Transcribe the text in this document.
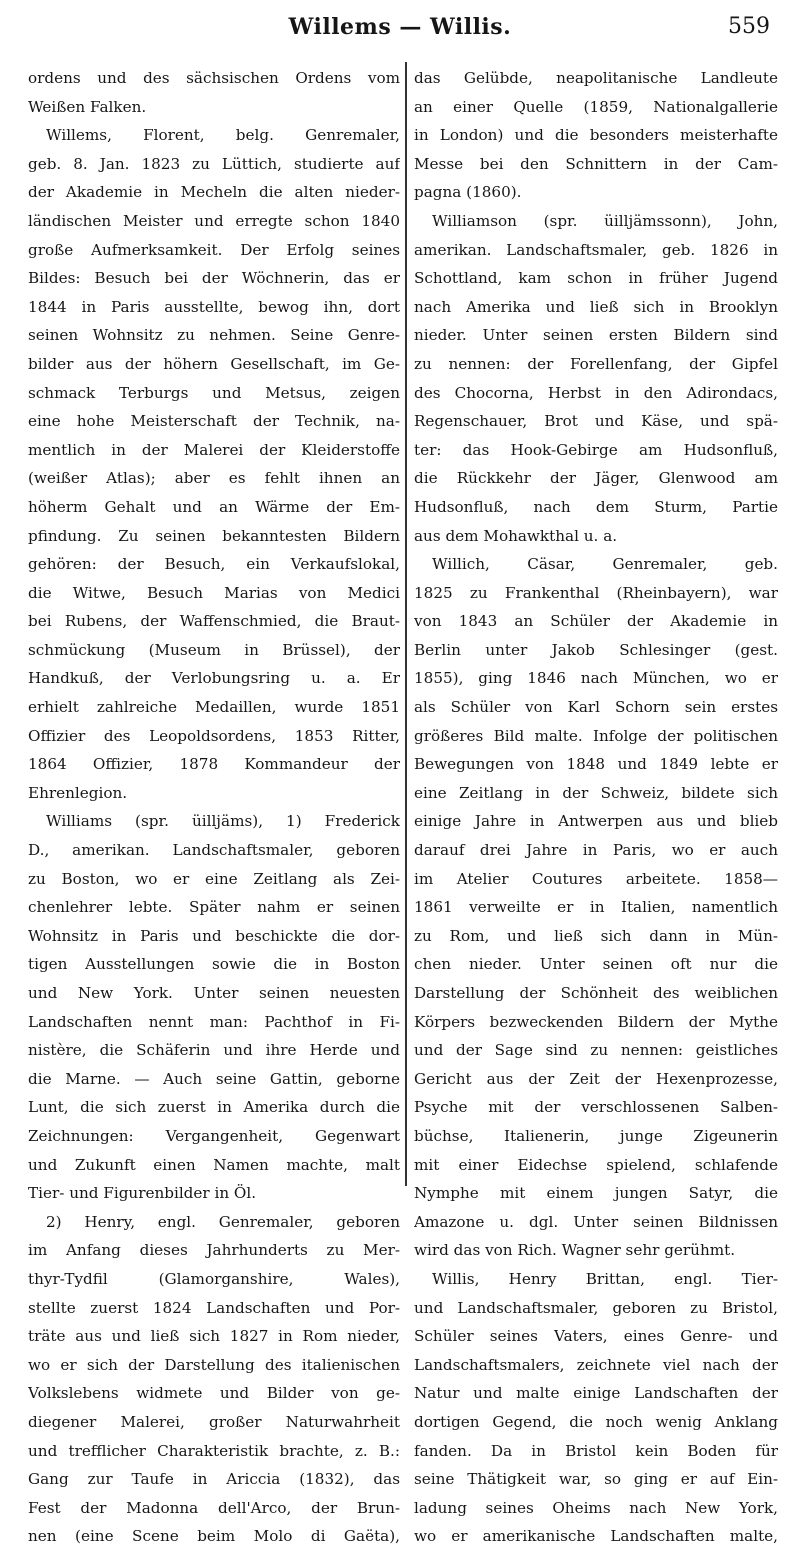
Willems — Willis.	559
ordens und des sächsischen Ordens vom
Weißen Falken.
Willems, Florent, belg. Genremaler,
geb. 8. Jan. 1823 zu Lüttich, studierte auf
der Akademie in Mecheln die alten nieder-
ländischen Meister und erregte schon 1840
große Aufmerksamkeit. Der Erfolg seines
Bildes: Besuch bei der Wöchnerin, das er
1844 in Paris ausstellte, bewog ihn, dort
seinen Wohnsitz zu nehmen. Seine Genre-
bilder aus der höhern Gesellschaft, im Ge-
schmack Terburgs und Metsus, zeigen
eine hohe Meisterschaft der Technik, na-
mentlich in der Malerei der Kleiderstoffe
(weißer Atlas); aber es fehlt ihnen an
höherm Gehalt und an Wärme der Em-
pfindung. Zu seinen bekanntesten Bildern
gehören: der Besuch, ein Verkaufslokal,
die Witwe, Besuch Marias von Medici
bei Rubens, der Waffenschmied, die Braut-
schmückung (Museum in Brüssel), der
Handkuß, der Verlobungsring u. a. Er
erhielt zahlreiche Medaillen, wurde 1851
Offizier des Leopoldsordens, 1853 Ritter,
1864 Offizier, 1878 Kommandeur der
Ehrenlegion.
Williams (spr. üilljäms), 1) Frederick
D., amerikan. Landschaftsmaler, geboren
zu Boston, wo er eine Zeitlang als Zei-
chenlehrer lebte. Später nahm er seinen
Wohnsitz in Paris und beschickte die dor-
tigen Ausstellungen sowie die in Boston
und New York. Unter seinen neuesten
Landschaften nennt man: Pachthof in Fi-
nistère, die Schäferin und ihre Herde und
die Marne. — Auch seine Gattin, geborne
Lunt, die sich zuerst in Amerika durch die
Zeichnungen: Vergangenheit, Gegenwart
und Zukunft einen Namen machte, malt
Tier- und Figurenbilder in Öl.
2) Henry, engl. Genremaler, geboren
im Anfang dieses Jahrhunderts zu Mer-
thyr-Tydfil (Glamorganshire, Wales),
stellte zuerst 1824 Landschaften und Por-
träte aus und ließ sich 1827 in Rom nieder,
wo er sich der Darstellung des italienischen
Volkslebens widmete und Bilder von ge-
diegener Malerei, großer Naturwahrheit
und trefflicher Charakteristik brachte, z. B.:
Gang zur Taufe in Ariccia (1832), das
Fest der Madonna dell'Arco, der Brun-
nen (eine Scene beim Molo di Gaëta),
das Gelübde, neapolitanische Landleute
an einer Quelle (1859, Nationalgallerie
in London) und die besonders meisterhafte
Messe bei den Schnittern in der Cam-
pagna (1860).
Williamson (spr. üilljämssonn), John,
amerikan. Landschaftsmaler, geb. 1826 in
Schottland, kam schon in früher Jugend
nach Amerika und ließ sich in Brooklyn
nieder. Unter seinen ersten Bildern sind
zu nennen: der Forellenfang, der Gipfel
des Chocorna, Herbst in den Adirondacs,
Regenschauer, Brot und Käse, und spä-
ter: das Hook-Gebirge am Hudsonfluß,
die Rückkehr der Jäger, Glenwood am
Hudsonfluß, nach dem Sturm, Partie
aus dem Mohawkthal u. a.
Willich, Cäsar, Genremaler, geb.
1825 zu Frankenthal (Rheinbayern), war
von 1843 an Schüler der Akademie in
Berlin unter Jakob Schlesinger (gest.
1855), ging 1846 nach München, wo er
als Schüler von Karl Schorn sein erstes
größeres Bild malte. Infolge der politischen
Bewegungen von 1848 und 1849 lebte er
eine Zeitlang in der Schweiz, bildete sich
einige Jahre in Antwerpen aus und blieb
darauf drei Jahre in Paris, wo er auch
im Atelier Coutures arbeitete. 1858—
1861 verweilte er in Italien, namentlich
zu Rom, und ließ sich dann in Mün-
chen nieder. Unter seinen oft nur die
Darstellung der Schönheit des weiblichen
Körpers bezweckenden Bildern der Mythe
und der Sage sind zu nennen: geistliches
Gericht aus der Zeit der Hexenprozesse,
Psyche mit der verschlossenen Salben-
büchse, Italienerin, junge Zigeunerin
mit einer Eidechse spielend, schlafende
Nymphe mit einem jungen Satyr, die
Amazone u. dgl. Unter seinen Bildnissen
wird das von Rich. Wagner sehr gerühmt.
Willis, Henry Brittan, engl. Tier-
und Landschaftsmaler, geboren zu Bristol,
Schüler seines Vaters, eines Genre- und
Landschaftsmalers, zeichnete viel nach der
Natur und malte einige Landschaften der
dortigen Gegend, die noch wenig Anklang
fanden. Da in Bristol kein Boden für
seine Thätigkeit war, so ging er auf Ein-
ladung seines Oheims nach New York,
wo er amerikanische Landschaften malte,
